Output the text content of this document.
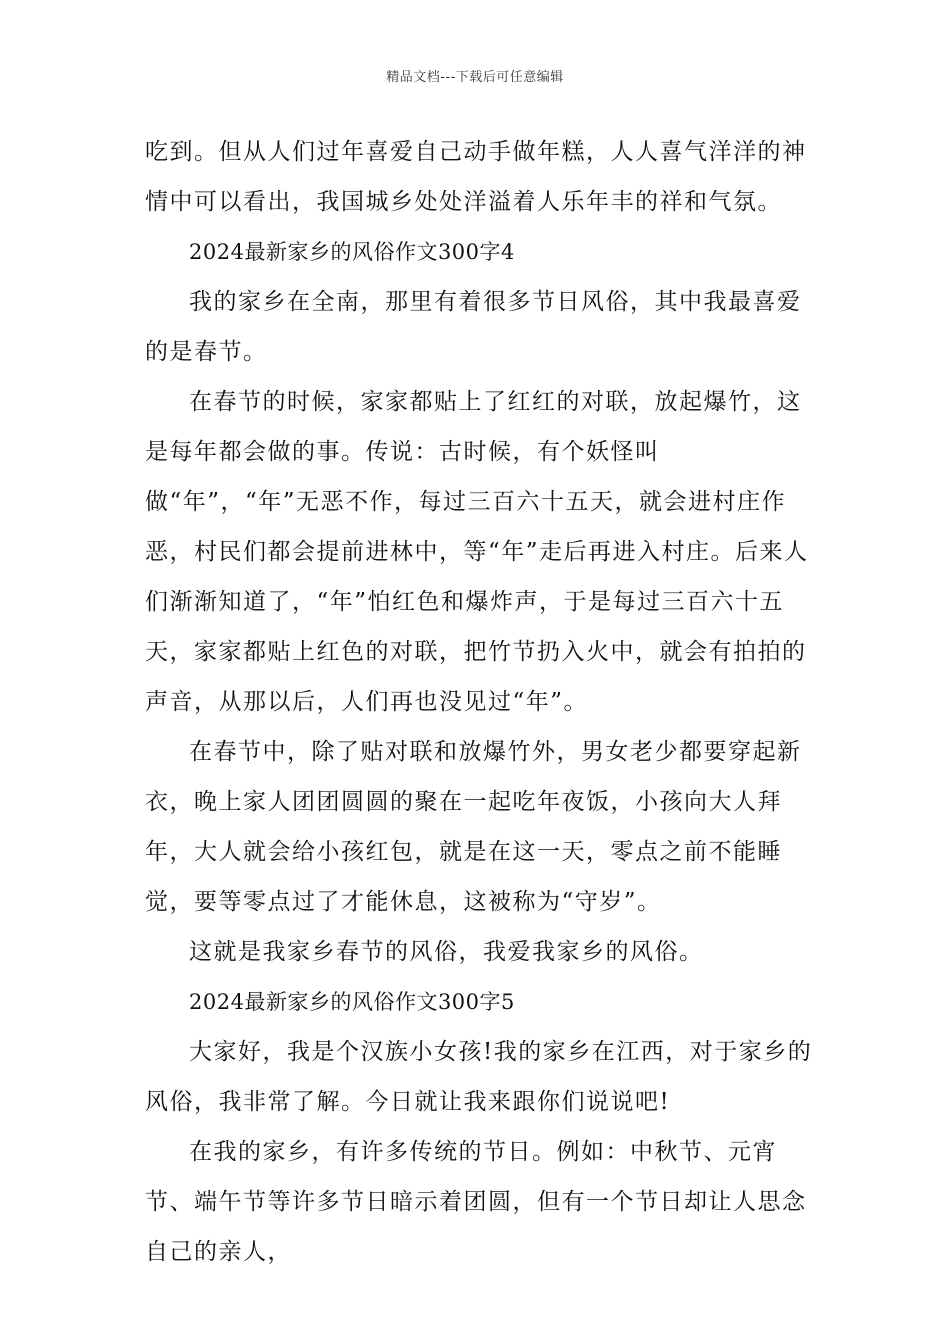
精品文档---下载后可任意编辑

吃到。但从人们过年喜爱自己动手做年糕，人人喜气洋洋的神情中可以看出，我国城乡处处洋溢着人乐年丰的祥和气氛。

2024最新家乡的风俗作文300字4

我的家乡在全南，那里有着很多节日风俗，其中我最喜爱的是春节。

在春节的时候，家家都贴上了红红的对联，放起爆竹，这是每年都会做的事。传说：古时候，有个妖怪叫做“年”，“年”无恶不作，每过三百六十五天，就会进村庄作恶，村民们都会提前进林中，等“年”走后再进入村庄。后来人们渐渐知道了，“年”怕红色和爆炸声，于是每过三百六十五天，家家都贴上红色的对联，把竹节扔入火中，就会有拍拍的声音，从那以后，人们再也没见过“年”。

在春节中，除了贴对联和放爆竹外，男女老少都要穿起新衣，晚上家人团团圆圆的聚在一起吃年夜饭，小孩向大人拜年，大人就会给小孩红包，就是在这一天，零点之前不能睡觉，要等零点过了才能休息，这被称为“守岁”。

这就是我家乡春节的风俗，我爱我家乡的风俗。

2024最新家乡的风俗作文300字5

大家好，我是个汉族小女孩!我的家乡在江西，对于家乡的风俗，我非常了解。今日就让我来跟你们说说吧!

在我的家乡，有许多传统的节日。例如：中秋节、元宵节、端午节等许多节日暗示着团圆，但有一个节日却让人思念自己的亲人，
